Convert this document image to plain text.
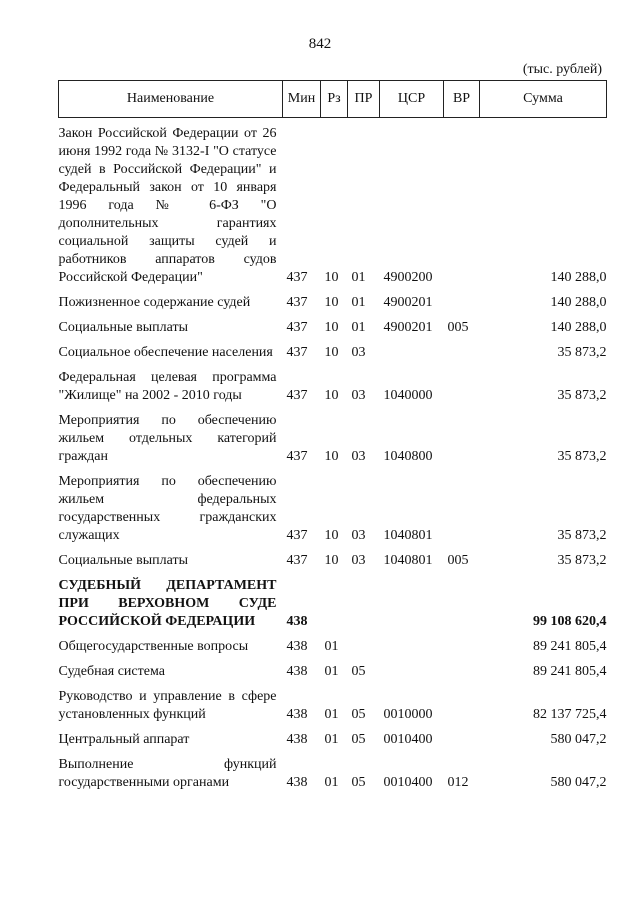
842
(тыс. рублей)
Наименование	Мин	Рз	ПР	ЦСР	ВР	Сумма

Закон Российской Федерации от 26 июня 1992 года № 3132-I "О статусе судей в Российской Федерации" и Федеральный закон от 10 января 1996 года № 6-ФЗ "О дополнительных гарантиях социальной защиты судей и работников аппаратов судов Российской Федерации"	437	10	01	4900200		140 288,0

Пожизненное содержание судей	437	10	01	4900201		140 288,0

Социальные выплаты	437	10	01	4900201	005	140 288,0

Социальное обеспечение населения	437	10	03			35 873,2

Федеральная целевая программа "Жилище" на 2002 - 2010 годы	437	10	03	1040000		35 873,2

Мероприятия по обеспечению жильем отдельных категорий граждан	437	10	03	1040800		35 873,2

Мероприятия по обеспечению жильем федеральных государственных гражданских служащих	437	10	03	1040801		35 873,2

Социальные выплаты	437	10	03	1040801	005	35 873,2

СУДЕБНЫЙ ДЕПАРТАМЕНТ ПРИ ВЕРХОВНОМ СУДЕ РОССИЙСКОЙ ФЕДЕРАЦИИ	438					99 108 620,4

Общегосударственные вопросы	438	01				89 241 805,4

Судебная система	438	01	05			89 241 805,4

Руководство и управление в сфере установленных функций	438	01	05	0010000		82 137 725,4

Центральный аппарат	438	01	05	0010400		580 047,2

Выполнение функций государственными органами	438	01	05	0010400	012	580 047,2
